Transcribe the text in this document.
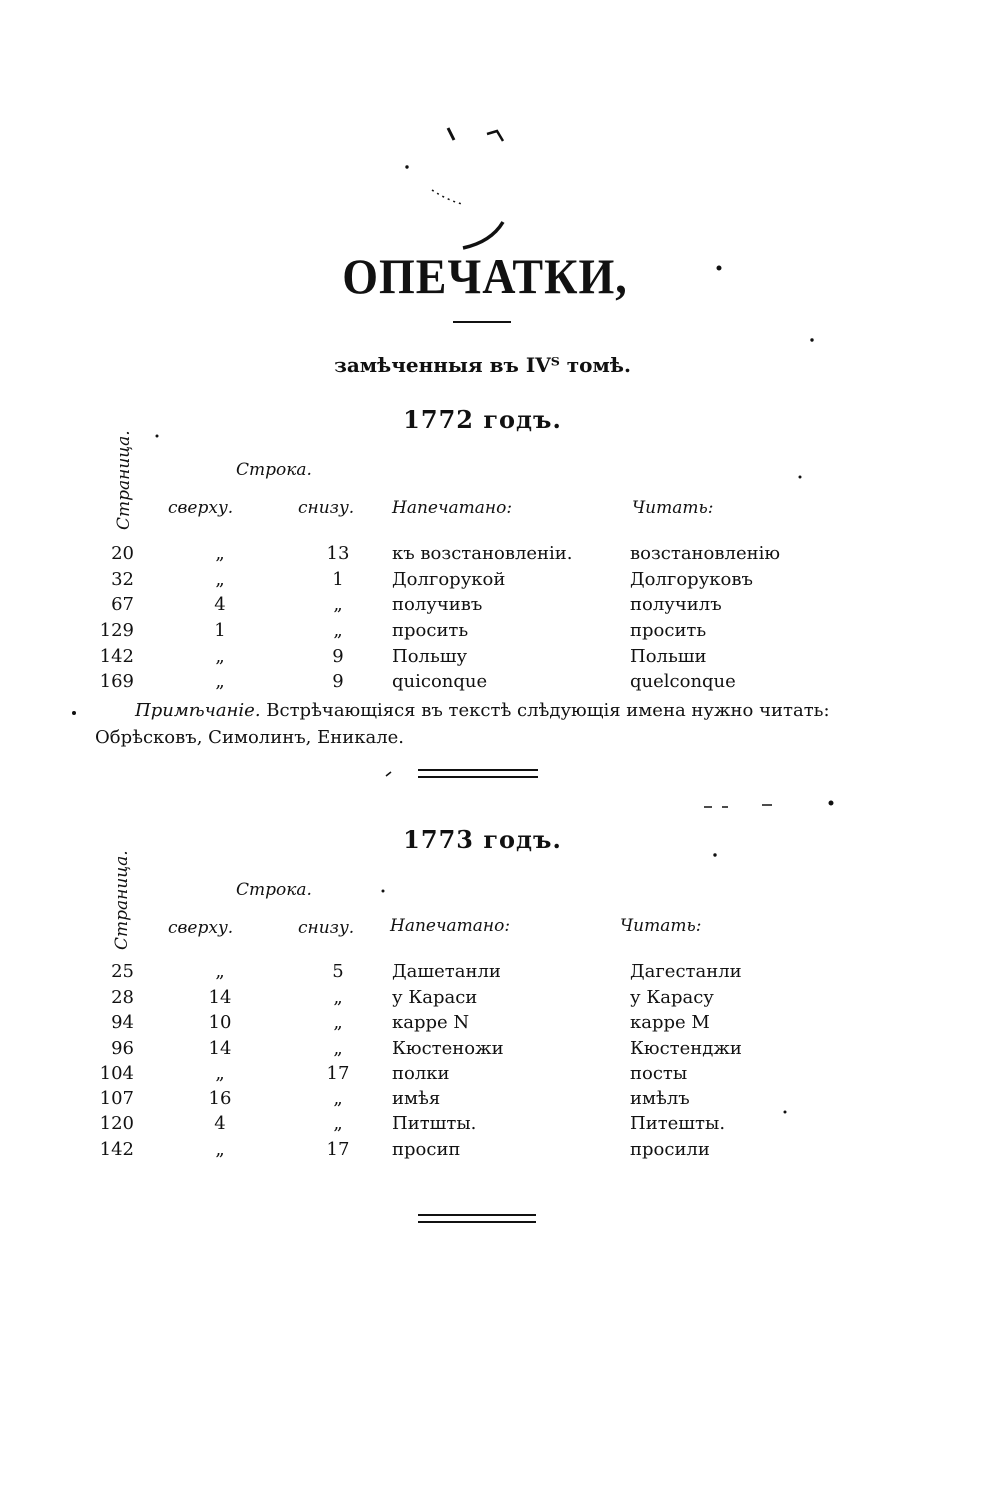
ОПЕЧАТКИ,
замѣченныя въ IVᵀ томѣ.
1772 годъ.
Страница.	Строка.
сверху.	снизу. Напечатано:	Читать:
20	„	13	къ возстановленіи.	возстановленію
32	„	1	Долгорукой	Долгоруковъ
67	4	„	получивъ	получилъ
129	1	„	просить	просить
142	„	9	Польшу	Польши
169	„	9	quiconque	quelconque
Примѣчаніе. Встрѣчающіяся въ текстѣ слѣдующія имена нужно читать: Обрѣсковъ, Симолинъ, Еникале.
1773 годъ.
Страница.	Строка.
сверху.	снизу. Напечатано:	Читать:
25	„	5	Дашетанли	Дагестанли
28	14	„	у Караси	у Карасу
94	10	„	карре N	карре M
96	14	„	Кюстеножи	Кюстенджи
104	„	17	полки	посты
107	16	„	имѣя	имѣлъ
120	4	„	Питшты.	Питешты.
142	„	17	просип	просили
